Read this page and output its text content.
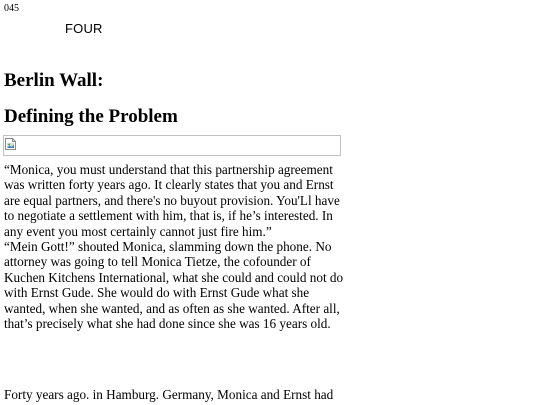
045
FOUR
Berlin Wall:
Defining the Problem

“Monica, you must understand that this partnership agreement was written forty years ago. It clearly states that you and Ernst are equal partners, and there's no buyout provision. You'Ll have to negotiate a settlement with him, that is, if he’s interested. In any event you most certainly cannot just fire him.”

“Mein Gott!” shouted Monica, slamming down the phone. No attorney was going to tell Monica Tietze, the cofounder of Kuchen Kitchens International, what she could and could not do with Ernst Gude. She would do with Ernst Gude what she wanted, when she wanted, and as often as she wanted. After all, that’s precisely what she had done since she was 16 years old.

Forty years ago. in Hamburg. Germany, Monica and Ernst had
